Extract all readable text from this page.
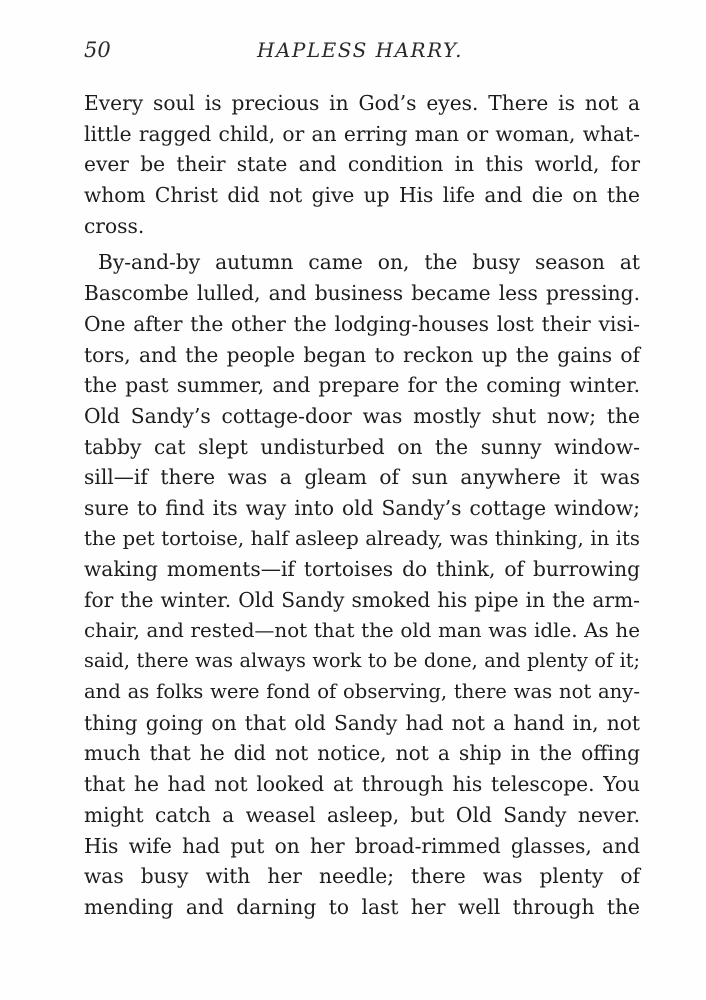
50	HAPLESS HARRY.
Every soul is precious in God’s eyes. There is not a
little ragged child, or an erring man or woman, what-
ever be their state and condition in this world, for
whom Christ did not give up His life and die on the
cross.
By-and-by autumn came on, the busy season at
Bascombe lulled, and business became less pressing.
One after the other the lodging-houses lost their visi-
tors, and the people began to reckon up the gains of
the past summer, and prepare for the coming winter.
Old Sandy’s cottage-door was mostly shut now; the
tabby cat slept undisturbed on the sunny window-
sill—if there was a gleam of sun anywhere it was
sure to find its way into old Sandy’s cottage window;
the pet tortoise, half asleep already, was thinking, in its
waking moments—if tortoises do think, of burrowing
for the winter. Old Sandy smoked his pipe in the arm-
chair, and rested—not that the old man was idle. As he
said, there was always work to be done, and plenty of it;
and as folks were fond of observing, there was not any-
thing going on that old Sandy had not a hand in, not
much that he did not notice, not a ship in the offing
that he had not looked at through his telescope. You
might catch a weasel asleep, but Old Sandy never.
His wife had put on her broad-rimmed glasses, and
was busy with her needle; there was plenty of
mending and darning to last her well through the
